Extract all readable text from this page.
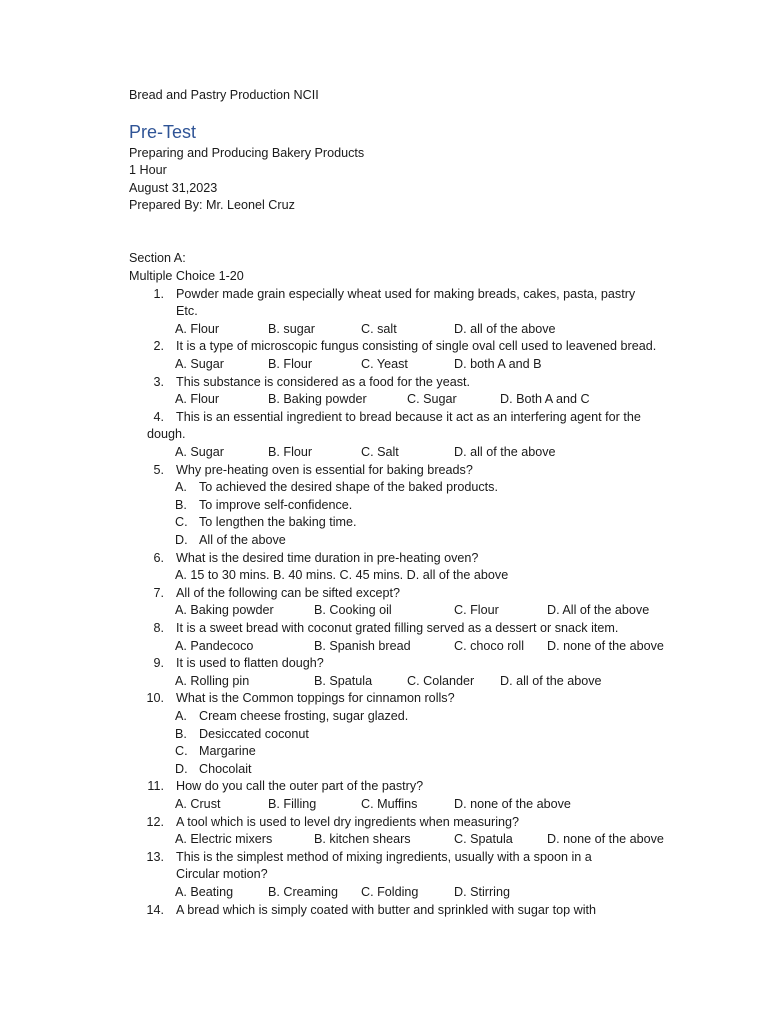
Bread and Pastry Production NCII
Pre-Test
Preparing and Producing Bakery Products
1 Hour
August 31,2023
Prepared By: Mr. Leonel Cruz
Section A:
Multiple Choice 1-20
1. Powder made grain especially wheat used for making breads, cakes, pasta, pastry
Etc.
A. Flour	B. sugar	C. salt	D. all of the above
2. It is a type of microscopic fungus consisting of single oval cell used to leavened bread.
A. Sugar	B. Flour	C. Yeast	D. both A and B
3. This substance is considered as a food for the yeast.
A. Flour	B. Baking powder	C. Sugar	D. Both A and C
4. This is an essential ingredient to bread because it act as an interfering agent for the
dough.
A. Sugar	B. Flour	C. Salt	D. all of the above
5. Why pre-heating oven is essential for baking breads?
A. To achieved the desired shape of the baked products.
B. To improve self-confidence.
C. To lengthen the baking time.
D. All of the above
6. What is the desired time duration in pre-heating oven?
A. 15 to 30 mins. B. 40 mins. C. 45 mins. D. all of the above
7. All of the following can be sifted except?
A. Baking powder	B. Cooking oil	C. Flour	D. All of the above
8. It is a sweet bread with coconut grated filling served as a dessert or snack item.
A. Pandecoco	B. Spanish bread	C. choco roll D. none of the above
9. It is used to flatten dough?
A. Rolling pin	B. Spatula	C. Colander D. all of the above
10. What is the Common toppings for cinnamon rolls?
A. Cream cheese frosting, sugar glazed.
B. Desiccated coconut
C. Margarine
D. Chocolait
11. How do you call the outer part of the pastry?
A. Crust	B. Filling	C. Muffins	D. none of the above
12. A tool which is used to level dry ingredients when measuring?
A. Electric mixers	B. kitchen shears	C. Spatula	D. none of the above
13. This is the simplest method of mixing ingredients, usually with a spoon in a
Circular motion?
A. Beating	B. Creaming C. Folding	D. Stirring
14. A bread which is simply coated with butter and sprinkled with sugar top with
